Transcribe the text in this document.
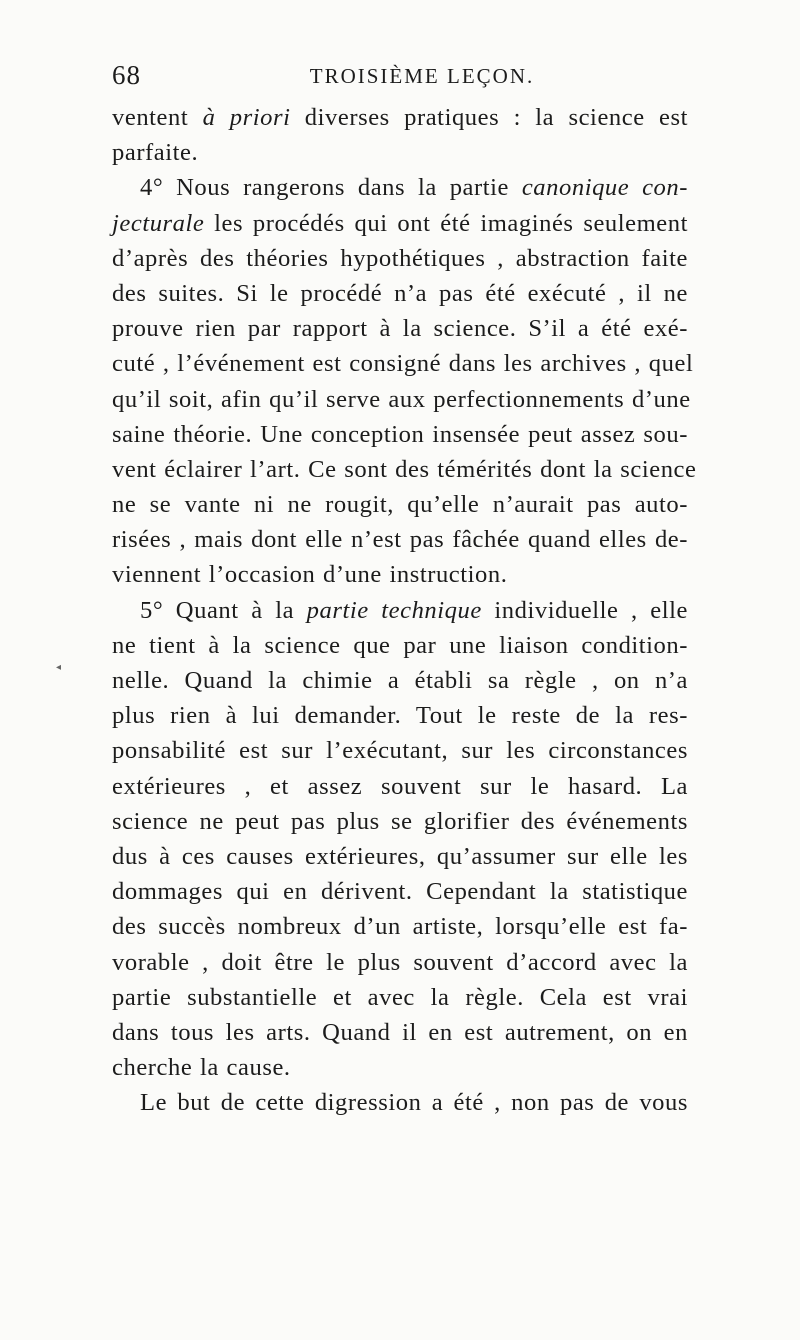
68	TROISIÈME LEÇON.
◂
ventent à priori diverses pratiques : la science est
parfaite.
4° Nous rangerons dans la partie canonique con-
jecturale les procédés qui ont été imaginés seulement
d’après des théories hypothétiques , abstraction faite
des suites. Si le procédé n’a pas été exécuté , il ne
prouve rien par rapport à la science. S’il a été exé-
cuté , l’événement est consigné dans les archives , quel
qu’il soit, afin qu’il serve aux perfectionnements d’une
saine théorie. Une conception insensée peut assez sou-
vent éclairer l’art. Ce sont des témérités dont la science
ne se vante ni ne rougit, qu’elle n’aurait pas auto-
risées , mais dont elle n’est pas fâchée quand elles de-
viennent l’occasion d’une instruction.
5° Quant à la partie technique individuelle , elle
ne tient à la science que par une liaison condition-
nelle. Quand la chimie a établi sa règle , on n’a
plus rien à lui demander. Tout le reste de la res-
ponsabilité est sur l’exécutant, sur les circonstances
extérieures , et assez souvent sur le hasard. La
science ne peut pas plus se glorifier des événements
dus à ces causes extérieures, qu’assumer sur elle les
dommages qui en dérivent. Cependant la statistique
des succès nombreux d’un artiste, lorsqu’elle est fa-
vorable , doit être le plus souvent d’accord avec la
partie substantielle et avec la règle. Cela est vrai
dans tous les arts. Quand il en est autrement, on en
cherche la cause.
Le but de cette digression a été , non pas de vous
